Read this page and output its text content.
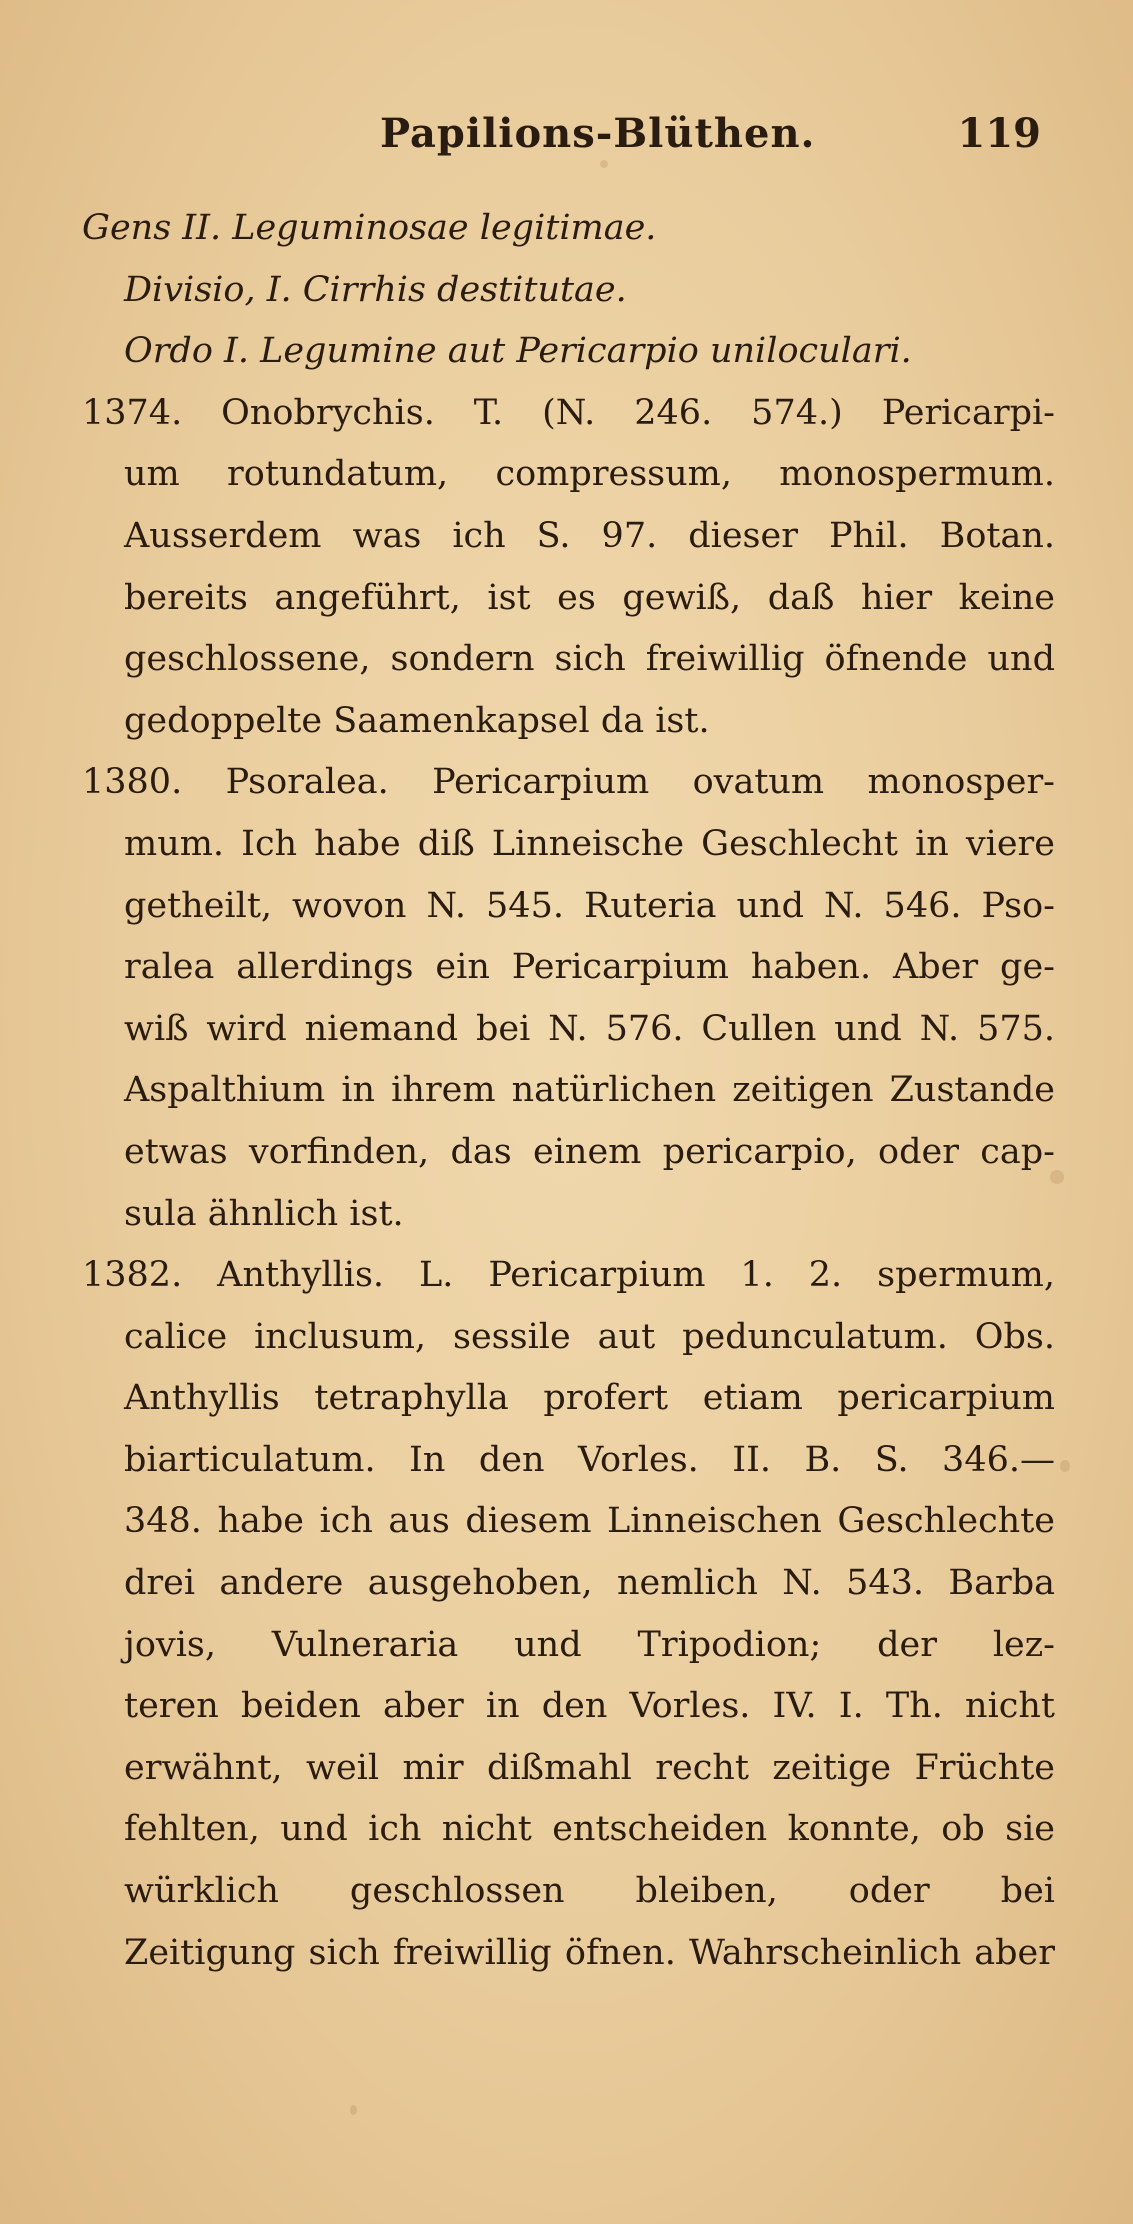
Papilions-Blüthen.	119
Gens II. Leguminosae legitimae.
Divisio, I. Cirrhis destitutae.
Ordo I. Legumine aut Pericarpio uniloculari.
1374. Onobrychis. T. (N. 246. 574.) Pericarpi-
um rotundatum, compressum, monospermum.
Ausserdem was ich S. 97. dieser Phil. Botan.
bereits angeführt, ist es gewiß, daß hier keine
geschlossene, sondern sich freiwillig öfnende und
gedoppelte Saamenkapsel da ist.
1380. Psoralea. Pericarpium ovatum monosper-
mum. Ich habe diß Linneische Geschlecht in viere
getheilt, wovon N. 545. Ruteria und N. 546. Pso-
ralea allerdings ein Pericarpium haben. Aber ge-
wiß wird niemand bei N. 576. Cullen und N. 575.
Aspalthium in ihrem natürlichen zeitigen Zustande
etwas vorfinden, das einem pericarpio, oder cap-
sula ähnlich ist.
1382. Anthyllis. L. Pericarpium 1. 2. spermum,
calice inclusum, sessile aut pedunculatum. Obs.
Anthyllis tetraphylla profert etiam pericarpium
biarticulatum. In den Vorles. II. B. S. 346.—
348. habe ich aus diesem Linneischen Geschlechte
drei andere ausgehoben, nemlich N. 543. Barba
jovis, Vulneraria und Tripodion; der lez-
teren beiden aber in den Vorles. IV. I. Th. nicht
erwähnt, weil mir dißmahl recht zeitige Früchte
fehlten, und ich nicht entscheiden konnte, ob sie
würklich geschlossen bleiben, oder bei
Zeitigung sich freiwillig öfnen. Wahrscheinlich aber
